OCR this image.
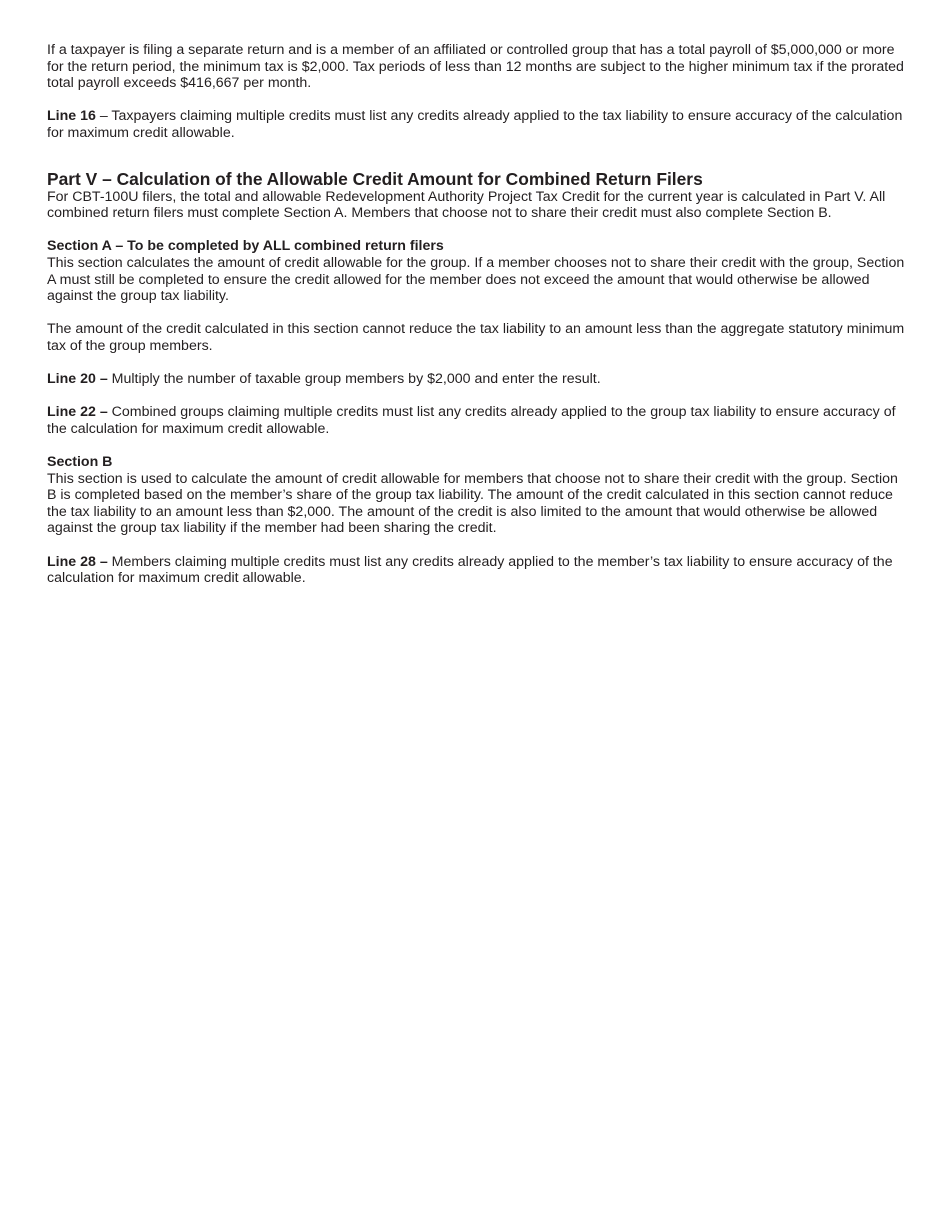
If a taxpayer is filing a separate return and is a member of an affiliated or controlled group that has a total payroll of $5,000,000 or more for the return period, the minimum tax is $2,000. Tax periods of less than 12 months are subject to the higher minimum tax if the prorated total payroll exceeds $416,667 per month.

Line 16 – Taxpayers claiming multiple credits must list any credits already applied to the tax liability to ensure accuracy of the calculation for maximum credit allowable.

Part V – Calculation of the Allowable Credit Amount for Combined Return Filers

For CBT-100U filers, the total and allowable Redevelopment Authority Project Tax Credit for the current year is calculated in Part V. All combined return filers must complete Section A. Members that choose not to share their credit must also complete Section B.

Section A – To be completed by ALL combined return filers

This section calculates the amount of credit allowable for the group. If a member chooses not to share their credit with the group, Section A must still be completed to ensure the credit allowed for the member does not exceed the amount that would otherwise be allowed against the group tax liability.

The amount of the credit calculated in this section cannot reduce the tax liability to an amount less than the aggregate statutory minimum tax of the group members.

Line 20 – Multiply the number of taxable group members by $2,000 and enter the result.

Line 22 – Combined groups claiming multiple credits must list any credits already applied to the group tax liability to ensure accuracy of the calculation for maximum credit allowable.

Section B

This section is used to calculate the amount of credit allowable for members that choose not to share their credit with the group. Section B is completed based on the member’s share of the group tax liability. The amount of the credit calculated in this section cannot reduce the tax liability to an amount less than $2,000. The amount of the credit is also limited to the amount that would otherwise be allowed against the group tax liability if the member had been sharing the credit.

Line 28 – Members claiming multiple credits must list any credits already applied to the member’s tax liability to ensure accuracy of the calculation for maximum credit allowable.
